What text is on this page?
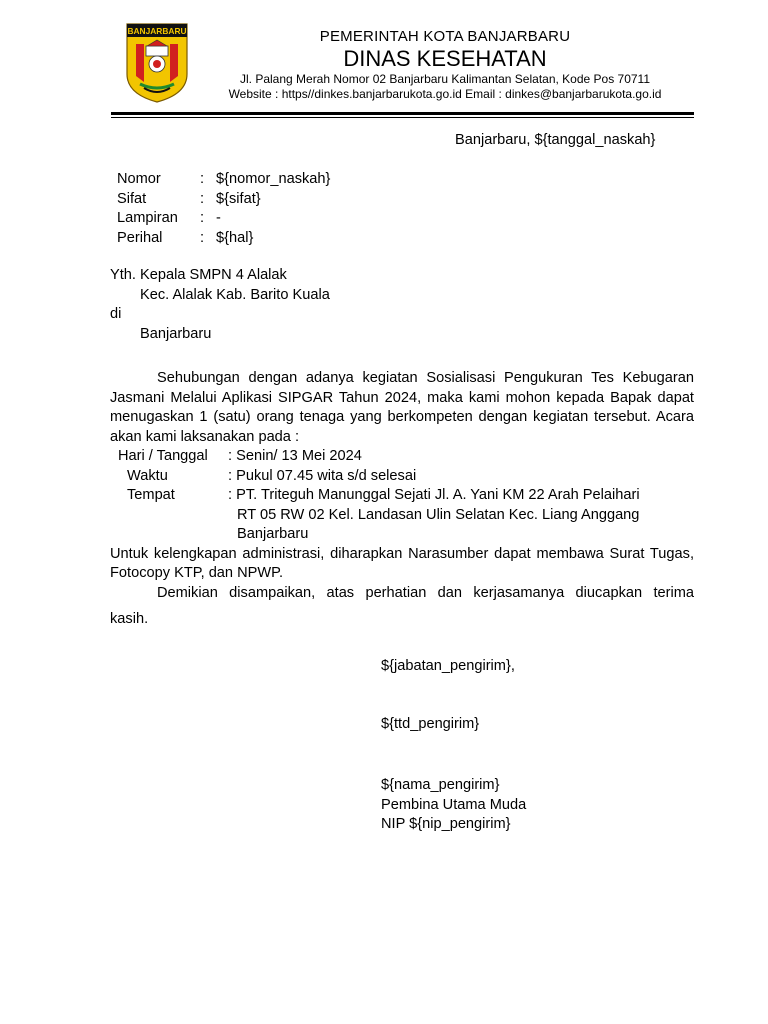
BANJARBARU	PEMERINTAH KOTA BANJARBARU
DINAS KESEHATAN
Jl. Palang Merah Nomor 02 Banjarbaru Kalimantan Selatan, Kode Pos 70711
Website : https//dinkes.banjarbarukota.go.id Email : dinkes@banjarbarukota.go.id
Banjarbaru, ${tanggal_naskah}
Nomor	: ${nomor_naskah}
Sifat	: ${sifat}
Lampiran : -
Perihal	: ${hal}
Yth. Kepala SMPN 4 Alalak
Kec. Alalak Kab. Barito Kuala
di
Banjarbaru
Sehubungan dengan adanya kegiatan Sosialisasi Pengukuran Tes Kebugaran Jasmani Melalui Aplikasi SIPGAR Tahun 2024, maka kami mohon kepada Bapak dapat menugaskan 1 (satu) orang tenaga yang berkompeten dengan kegiatan tersebut. Acara akan kami laksanakan pada :
Hari / Tanggal : Senin/ 13 Mei 2024
Waktu	: Pukul 07.45 wita s/d selesai
Tempat	: PT. Triteguh Manunggal Sejati Jl. A. Yani KM 22 Arah Pelaihari
RT 05 RW 02 Kel. Landasan Ulin Selatan Kec. Liang Anggang
Banjarbaru
Untuk kelengkapan administrasi, diharapkan Narasumber dapat membawa Surat Tugas, Fotocopy KTP, dan NPWP.
Demikian disampaikan, atas perhatian dan kerjasamanya diucapkan terima
kasih.
${jabatan_pengirim},
${ttd_pengirim}
${nama_pengirim}
Pembina Utama Muda
NIP ${nip_pengirim}
